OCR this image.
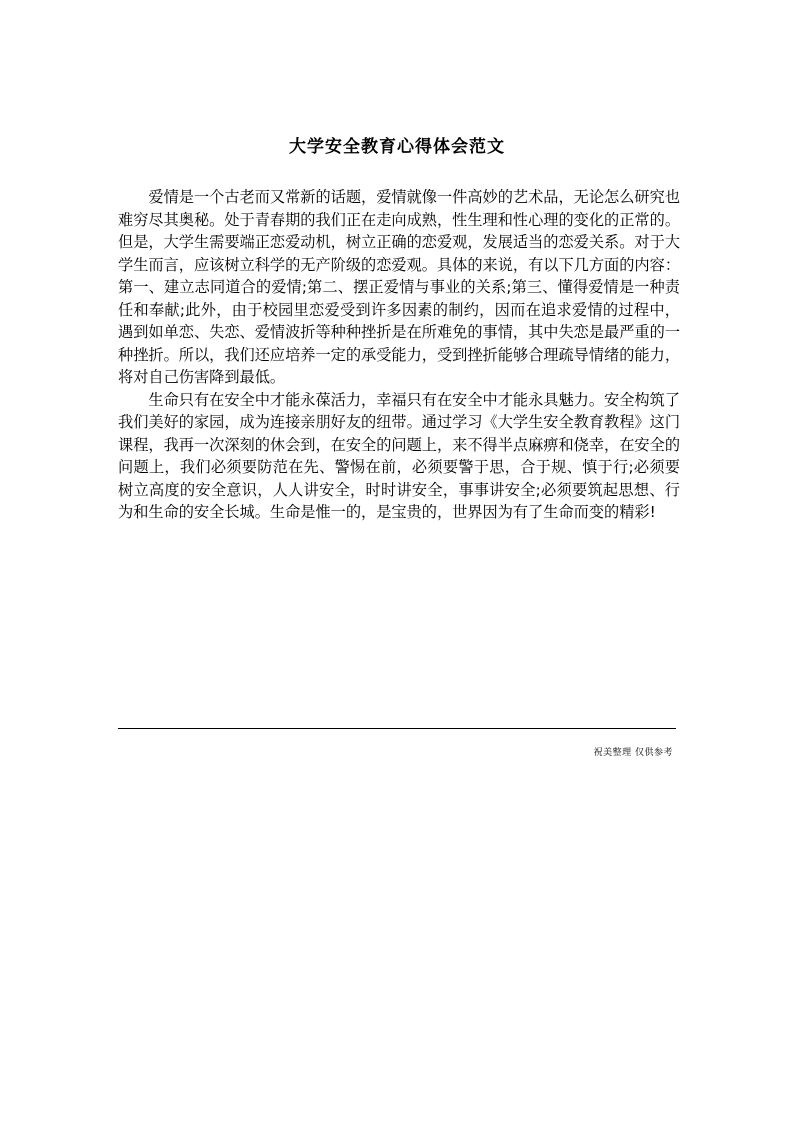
大学安全教育心得体会范文

爱情是一个古老而又常新的话题，爱情就像一件高妙的艺术品，无论怎么研究也难穷尽其奥秘。处于青春期的我们正在走向成熟，性生理和性心理的变化的正常的。但是，大学生需要端正恋爱动机，树立正确的恋爱观，发展适当的恋爱关系。对于大学生而言，应该树立科学的无产阶级的恋爱观。具体的来说，有以下几方面的内容：第一、建立志同道合的爱情;第二、摆正爱情与事业的关系;第三、懂得爱情是一种责任和奉献;此外，由于校园里恋爱受到许多因素的制约，因而在追求爱情的过程中，遇到如单恋、失恋、爱情波折等种种挫折是在所难免的事情，其中失恋是最严重的一种挫折。所以，我们还应培养一定的承受能力，受到挫折能够合理疏导情绪的能力，将对自己伤害降到最低。

生命只有在安全中才能永葆活力，幸福只有在安全中才能永具魅力。安全构筑了我们美好的家园，成为连接亲朋好友的纽带。通过学习《大学生安全教育教程》这门课程，我再一次深刻的休会到，在安全的问题上，来不得半点麻痹和侥幸，在安全的问题上，我们必须要防范在先、警惕在前，必须要警于思，合于规、慎于行;必须要树立高度的安全意识，人人讲安全，时时讲安全，事事讲安全;必须要筑起思想、行为和生命的安全长城。生命是惟一的，是宝贵的，世界因为有了生命而变的精彩!

祝美整理 仅供参考
